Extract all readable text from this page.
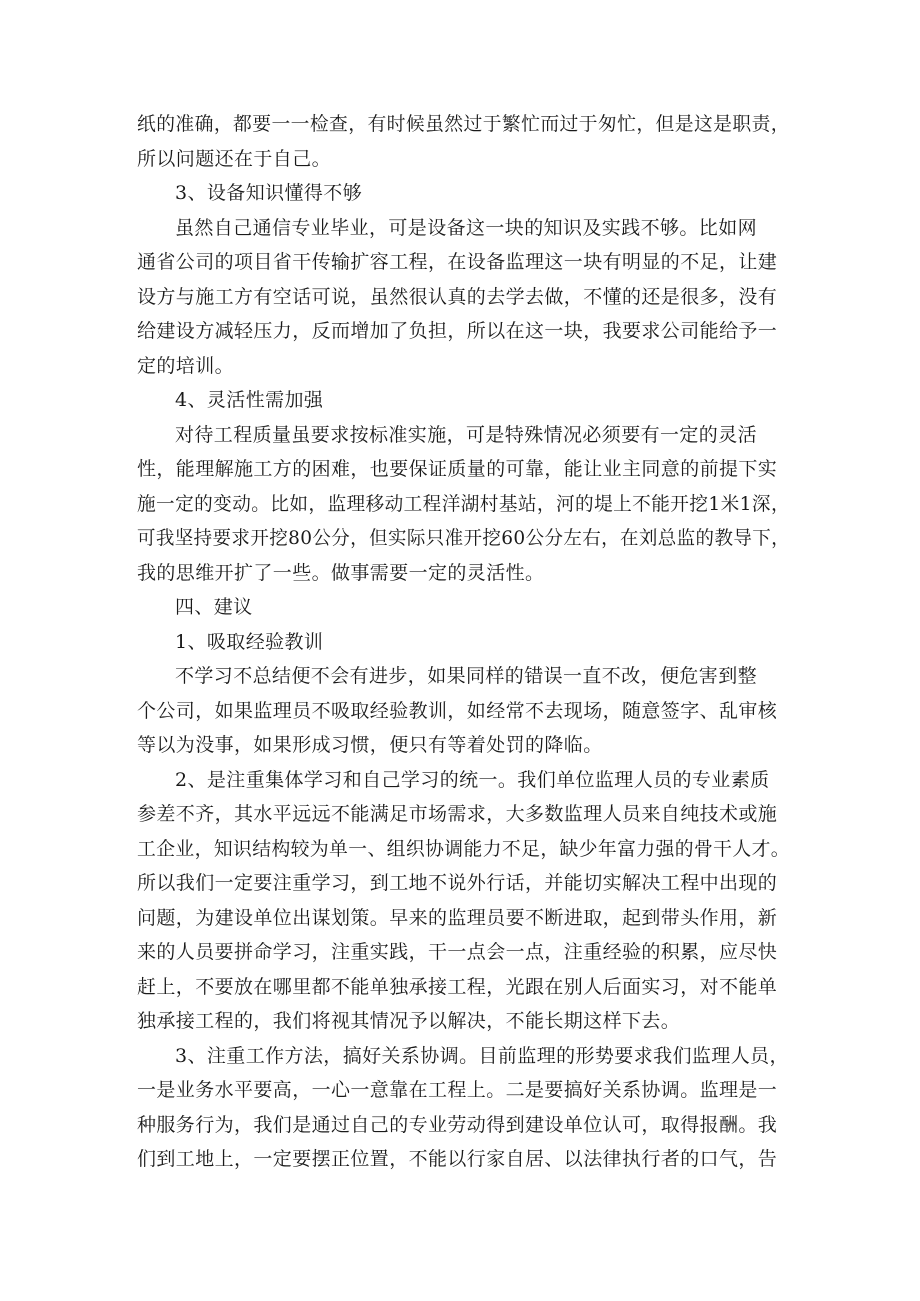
纸的准确，都要一一检查，有时候虽然过于繁忙而过于匆忙，但是这是职责，
所以问题还在于自己。
3、设备知识懂得不够
虽然自己通信专业毕业，可是设备这一块的知识及实践不够。比如网
通省公司的项目省干传输扩容工程，在设备监理这一块有明显的不足，让建
设方与施工方有空话可说，虽然很认真的去学去做，不懂的还是很多，没有
给建设方减轻压力，反而增加了负担，所以在这一块，我要求公司能给予一
定的培训。
4、灵活性需加强
对待工程质量虽要求按标准实施，可是特殊情况必须要有一定的灵活
性，能理解施工方的困难，也要保证质量的可靠，能让业主同意的前提下实
施一定的变动。比如，监理移动工程洋湖村基站，河的堤上不能开挖1米1深，
可我坚持要求开挖80公分，但实际只准开挖60公分左右，在刘总监的教导下，
我的思维开扩了一些。做事需要一定的灵活性。
四、建议
1、吸取经验教训
不学习不总结便不会有进步，如果同样的错误一直不改，便危害到整
个公司，如果监理员不吸取经验教训，如经常不去现场，随意签字、乱审核
等以为没事，如果形成习惯，便只有等着处罚的降临。
2、是注重集体学习和自己学习的统一。我们单位监理人员的专业素质
参差不齐，其水平远远不能满足市场需求，大多数监理人员来自纯技术或施
工企业，知识结构较为单一、组织协调能力不足，缺少年富力强的骨干人才。
所以我们一定要注重学习，到工地不说外行话，并能切实解决工程中出现的
问题，为建设单位出谋划策。早来的监理员要不断进取，起到带头作用，新
来的人员要拼命学习，注重实践，干一点会一点，注重经验的积累，应尽快
赶上，不要放在哪里都不能单独承接工程，光跟在别人后面实习，对不能单
独承接工程的，我们将视其情况予以解决，不能长期这样下去。
3、注重工作方法，搞好关系协调。目前监理的形势要求我们监理人员，
一是业务水平要高，一心一意靠在工程上。二是要搞好关系协调。监理是一
种服务行为，我们是通过自己的专业劳动得到建设单位认可，取得报酬。我
们到工地上，一定要摆正位置，不能以行家自居、以法律执行者的口气，告
